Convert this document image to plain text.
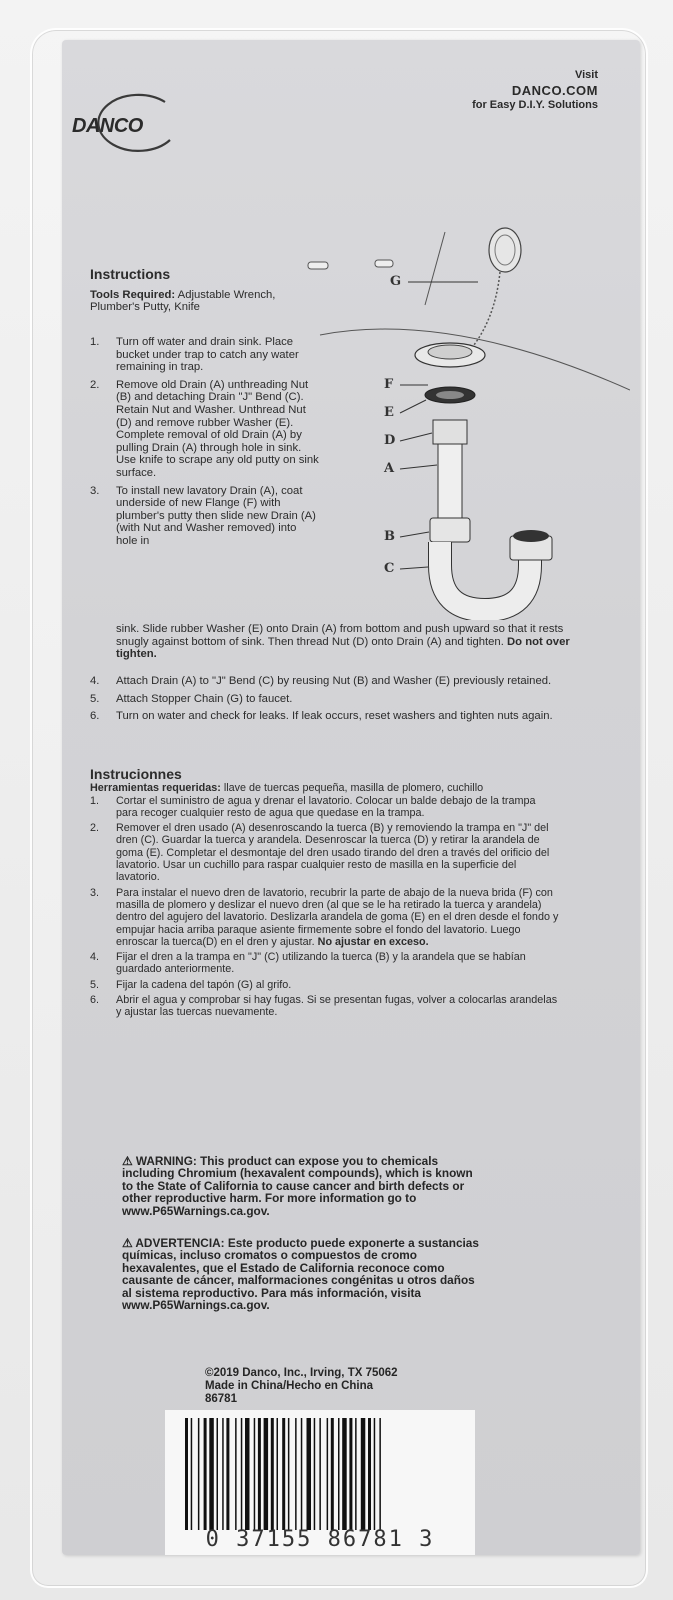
DANCO
Visit
DANCO.COM
for Easy D.I.Y. Solutions
G
F
E
D
A
B
C
Instructions
Tools Required: Adjustable Wrench, Plumber's Putty, Knife
1.	Turn off water and drain sink. Place bucket under trap to catch any water remaining in trap.
2.	Remove old Drain (A) unthreading Nut (B) and detaching Drain "J" Bend (C). Retain Nut and Washer. Unthread Nut (D) and remove rubber Washer (E). Complete removal of old Drain (A) by pulling Drain (A) through hole in sink. Use knife to scrape any old putty on sink surface.
3.	To install new lavatory Drain (A), coat underside of new Flange (F) with plumber's putty then slide new Drain (A) (with Nut and Washer removed) into hole in
sink. Slide rubber Washer (E) onto Drain (A) from bottom and push upward so that it rests snugly against bottom of sink. Then thread Nut (D) onto Drain (A) and tighten. Do not over tighten.
4.	Attach Drain (A) to "J" Bend (C) by reusing Nut (B) and Washer (E) previously retained.
5.	Attach Stopper Chain (G) to faucet.
6.	Turn on water and check for leaks. If leak occurs, reset washers and tighten nuts again.
Instrucionnes
Herramientas requeridas: llave de tuercas pequeña, masilla de plomero, cuchillo
1.	Cortar el suministro de agua y drenar el lavatorio. Colocar un balde debajo de la trampa para recoger cualquier resto de agua que quedase en la trampa.
2.	Remover el dren usado (A) desenroscando la tuerca (B) y removiendo la trampa en "J" del dren (C). Guardar la tuerca y arandela. Desenroscar la tuerca (D) y retirar la arandela de goma (E). Completar el desmontaje del dren usado tirando del dren a través del orificio del lavatorio. Usar un cuchillo para raspar cualquier resto de masilla en la superficie del lavatorio.
3.	Para instalar el nuevo dren de lavatorio, recubrir la parte de abajo de la nueva brida (F) con masilla de plomero y deslizar el nuevo dren (al que se le ha retirado la tuerca y arandela) dentro del agujero del lavatorio. Deslizarla arandela de goma (E) en el dren desde el fondo y empujar hacia arriba paraque asiente firmemente sobre el fondo del lavatorio. Luego enroscar la tuerca(D) en el dren y ajustar. No ajustar en exceso.
4.	Fijar el dren a la trampa en "J" (C) utilizando la tuerca (B) y la arandela que se habían guardado anteriormente.
5.	Fijar la cadena del tapón (G) al grifo.
6.	Abrir el agua y comprobar si hay fugas. Si se presentan fugas, volver a colocarlas arandelas y ajustar las tuercas nuevamente.
⚠ WARNING: This product can expose you to chemicals including Chromium (hexavalent compounds), which is known to the State of California to cause cancer and birth defects or other reproductive harm. For more information go to www.P65Warnings.ca.gov.
⚠ ADVERTENCIA: Este producto puede exponerte a sustancias químicas, incluso cromatos o compuestos de cromo hexavalentes, que el Estado de California reconoce como causante de cáncer, malformaciones congénitas u otros daños al sistema reproductivo. Para más información, visita www.P65Warnings.ca.gov.
©2019 Danco, Inc., Irving, TX 75062
Made in China/Hecho en China
86781
0 37155 86781 3
